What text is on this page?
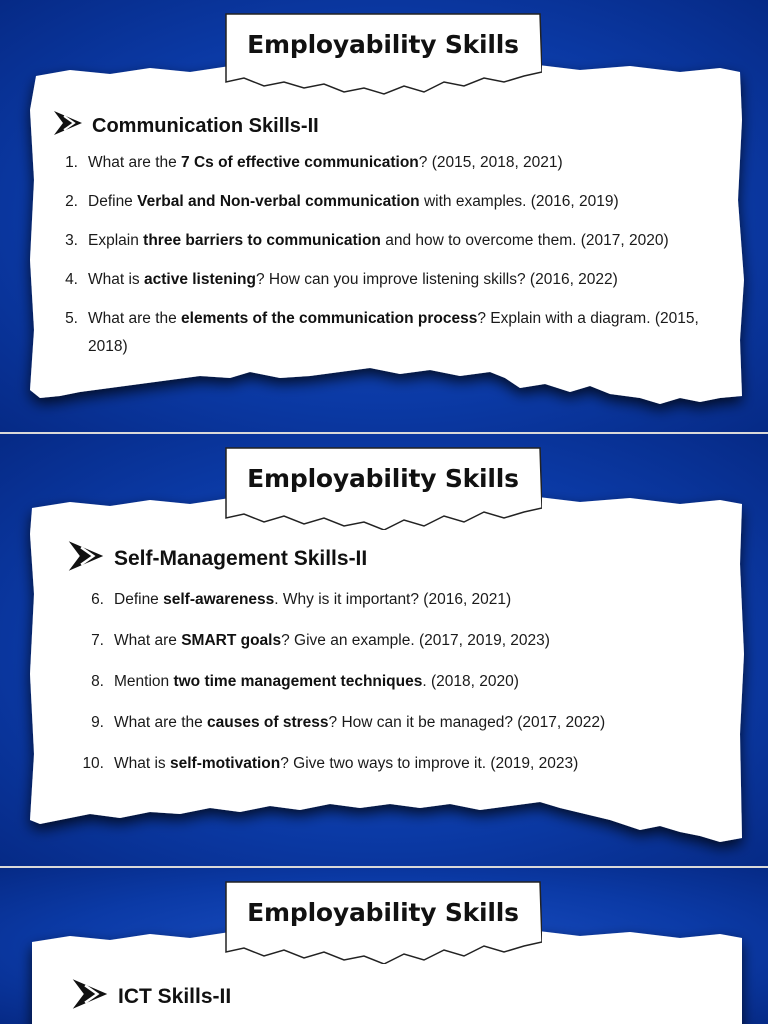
Employability Skills
Communication Skills-II
1. What are the 7 Cs of effective communication? (2015, 2018, 2021)
2. Define Verbal and Non-verbal communication with examples. (2016, 2019)
3. Explain three barriers to communication and how to overcome them. (2017, 2020)
4. What is active listening? How can you improve listening skills? (2016, 2022)
5. What are the elements of the communication process? Explain with a diagram. (2015, 2018)
Employability Skills
Self-Management Skills-II
6. Define self-awareness. Why is it important? (2016, 2021)
7. What are SMART goals? Give an example. (2017, 2019, 2023)
8. Mention two time management techniques. (2018, 2020)
9. What are the causes of stress? How can it be managed? (2017, 2022)
10. What is self-motivation? Give two ways to improve it. (2019, 2023)
Employability Skills
ICT Skills-II
